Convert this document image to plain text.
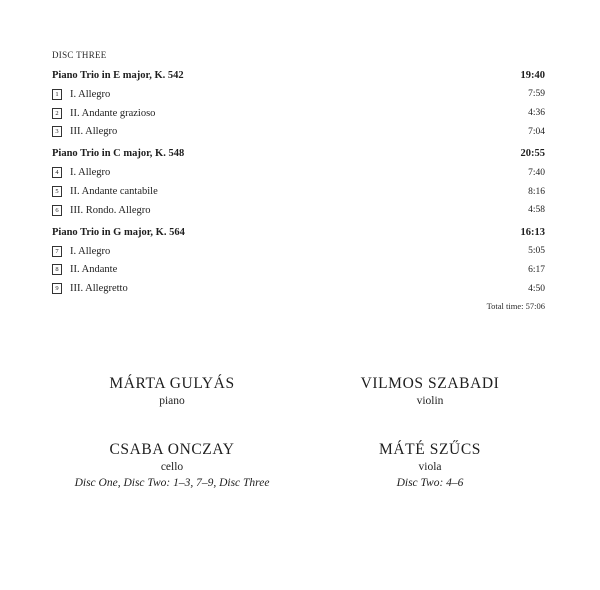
DISC THREE
Piano Trio in E major, K. 542	19:40
1	I. Allegro	7:59
2	II. Andante grazioso	4:36
3	III. Allegro	7:04
Piano Trio in C major, K. 548	20:55
4	I. Allegro	7:40
5	II. Andante cantabile	8:16
6	III. Rondo. Allegro	4:58
Piano Trio in G major, K. 564	16:13
7	I. Allegro	5:05
8	II. Andante	6:17
9	III. Allegretto	4:50
Total time: 57:06
MÁRTA GULYÁS
piano
VILMOS SZABADI
violin
CSABA ONCZAY
cello
Disc One, Disc Two: 1–3, 7–9, Disc Three
MÁTÉ SZŰCS
viola
Disc Two: 4–6
